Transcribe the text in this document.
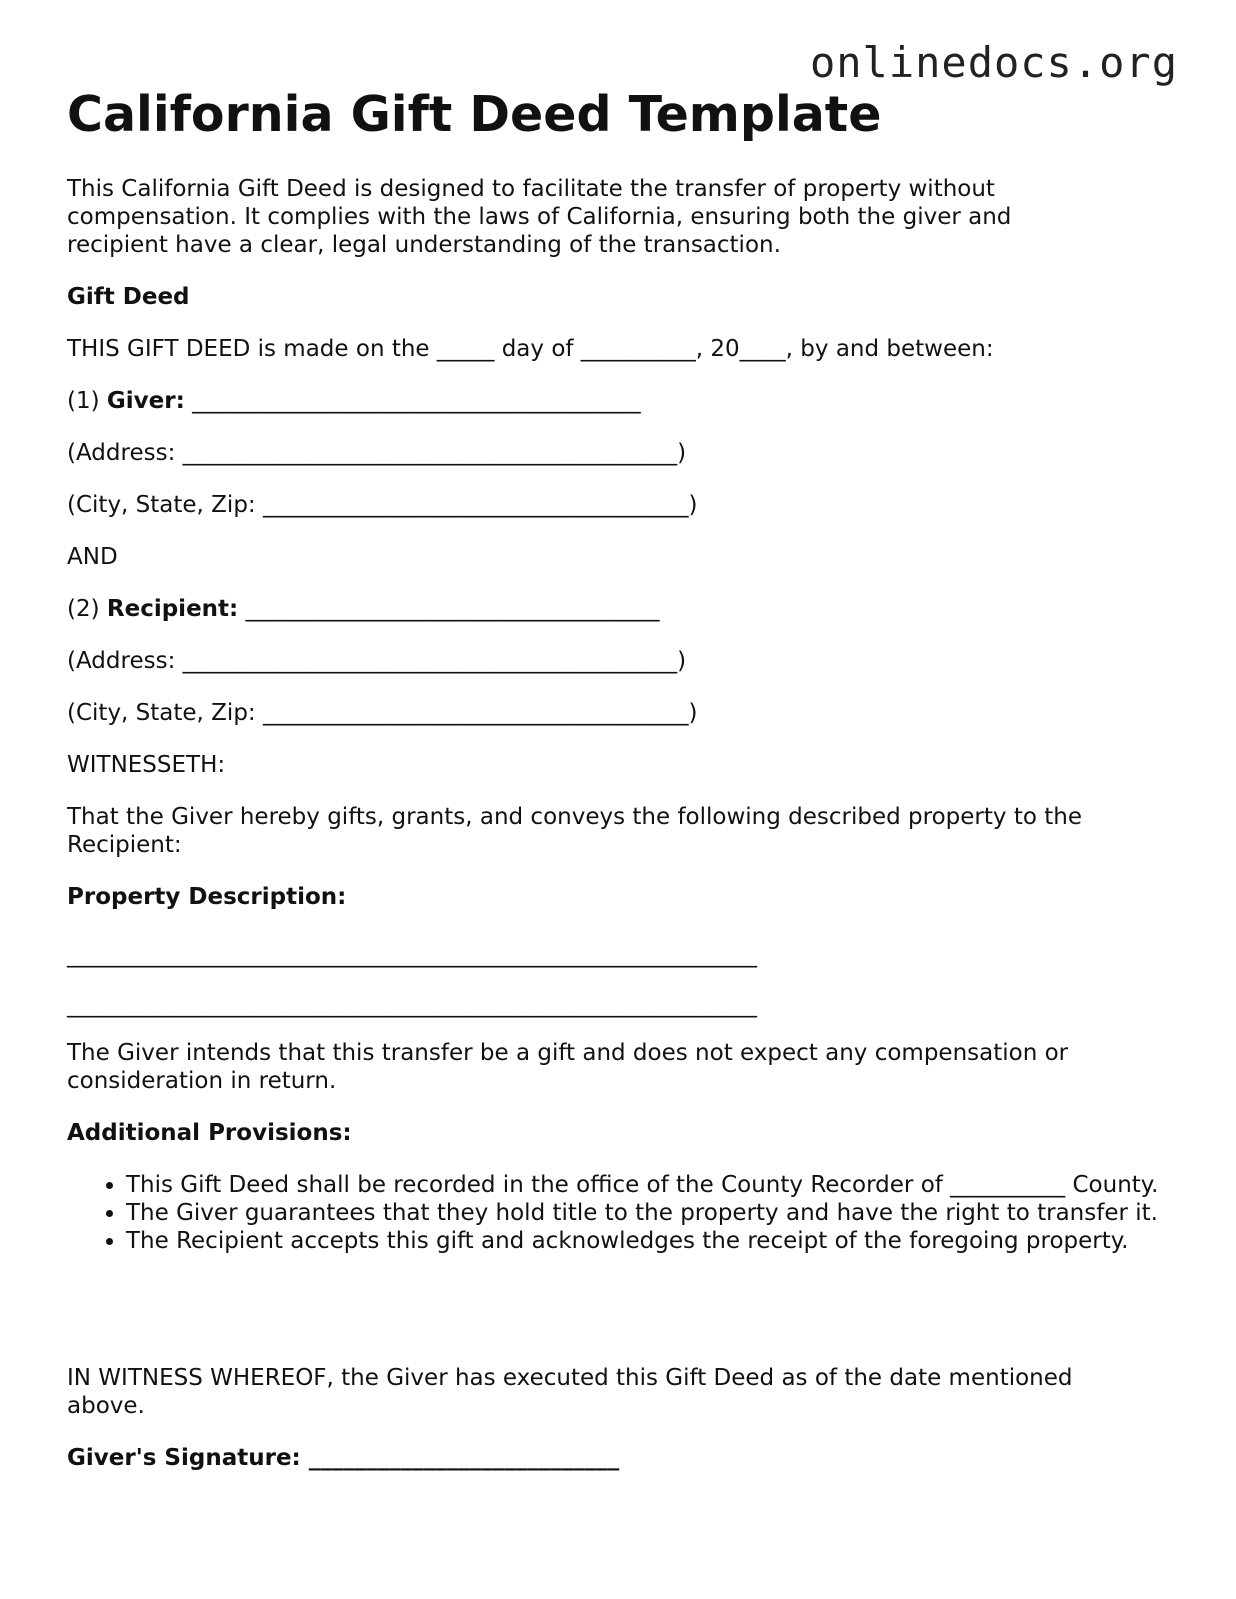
onlinedocs.org
California Gift Deed Template
This California Gift Deed is designed to facilitate the transfer of property without
compensation. It complies with the laws of California, ensuring both the giver and
recipient have a clear, legal understanding of the transaction.
Gift Deed
THIS GIFT DEED is made on the _____ day of __________, 20____, by and between:
(1) Giver: _______________________________________
(Address: ___________________________________________)
(City, State, Zip: _____________________________________)
AND
(2) Recipient: ____________________________________
(Address: ___________________________________________)
(City, State, Zip: _____________________________________)
WITNESSETH:
That the Giver hereby gifts, grants, and conveys the following described property to the
Recipient:
Property Description:
____________________________________________________________
____________________________________________________________
The Giver intends that this transfer be a gift and does not expect any compensation or
consideration in return.
Additional Provisions:
• This Gift Deed shall be recorded in the office of the County Recorder of __________ County.
• The Giver guarantees that they hold title to the property and have the right to transfer it.
• The Recipient accepts this gift and acknowledges the receipt of the foregoing property.
IN WITNESS WHEREOF, the Giver has executed this Gift Deed as of the date mentioned
above.
Giver's Signature: ___________________________
